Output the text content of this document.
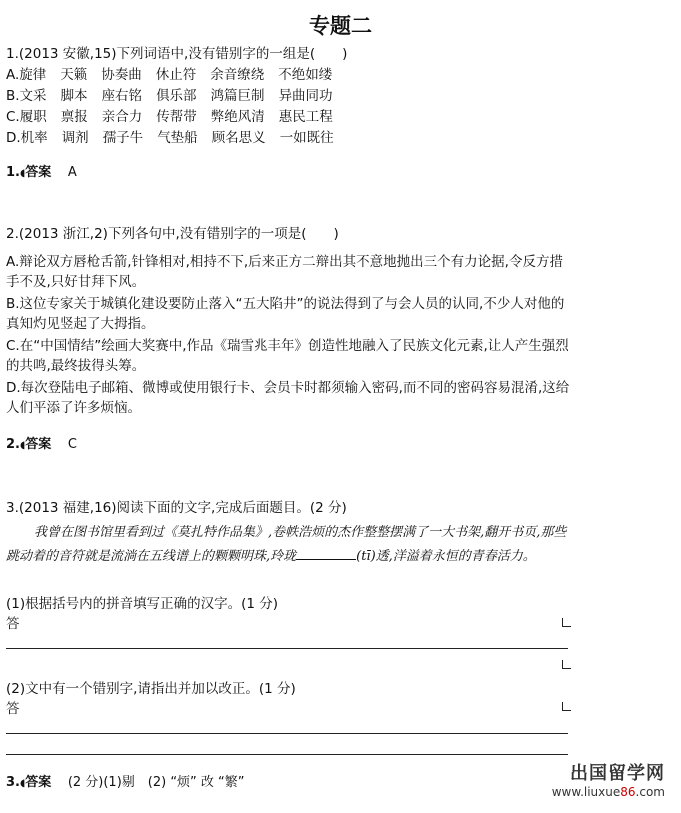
专题二
1.(2013 安徽,15)下列词语中,没有错别字的一组是(　　)
A.旋律 天籁 协奏曲 休止符 余音缭绕 不绝如缕
B.文采 脚本 座右铭 俱乐部 鸿篇巨制 异曲同功
C.履职 禀报 亲合力 传帮带 弊绝风清 惠民工程
D.机率 调剂 孺子牛 气垫船 顾名思义 一如既往
1.◖答案 A
2.(2013 浙江,2)下列各句中,没有错别字的一项是(　　)
A.辩论双方唇枪舌箭,针锋相对,相持不下,后来正方二辩出其不意地抛出三个有力论据,令反方措手不及,只好甘拜下风。
B.这位专家关于城镇化建设要防止落入“五大陷井”的说法得到了与会人员的认同,不少人对他的真知灼见竖起了大拇指。
C.在“中国情结”绘画大奖赛中,作品《瑞雪兆丰年》创造性地融入了民族文化元素,让人产生强烈的共鸣,最终拔得头筹。
D.每次登陆电子邮箱、微博或使用银行卡、会员卡时都须输入密码,而不同的密码容易混淆,这给人们平添了许多烦恼。
2.◖答案 C
3.(2013 福建,16)阅读下面的文字,完成后面题目。(2 分)
我曾在图书馆里看到过《莫扎特作品集》,卷帙浩烦的杰作整整摆满了一大书架,翻开书页,那些跳动着的音符就是流淌在五线谱上的颗颗明珠,玲珑	(tī)透,洋溢着永恒的青春活力。
(1)根据括号内的拼音填写正确的汉字。(1 分)
答
(2)文中有一个错别字,请指出并加以改正。(1 分)
答
3.◖答案 (2 分)(1)剔　(2) “烦” 改 “繁”	出国留学网
www.liuxue86.com
